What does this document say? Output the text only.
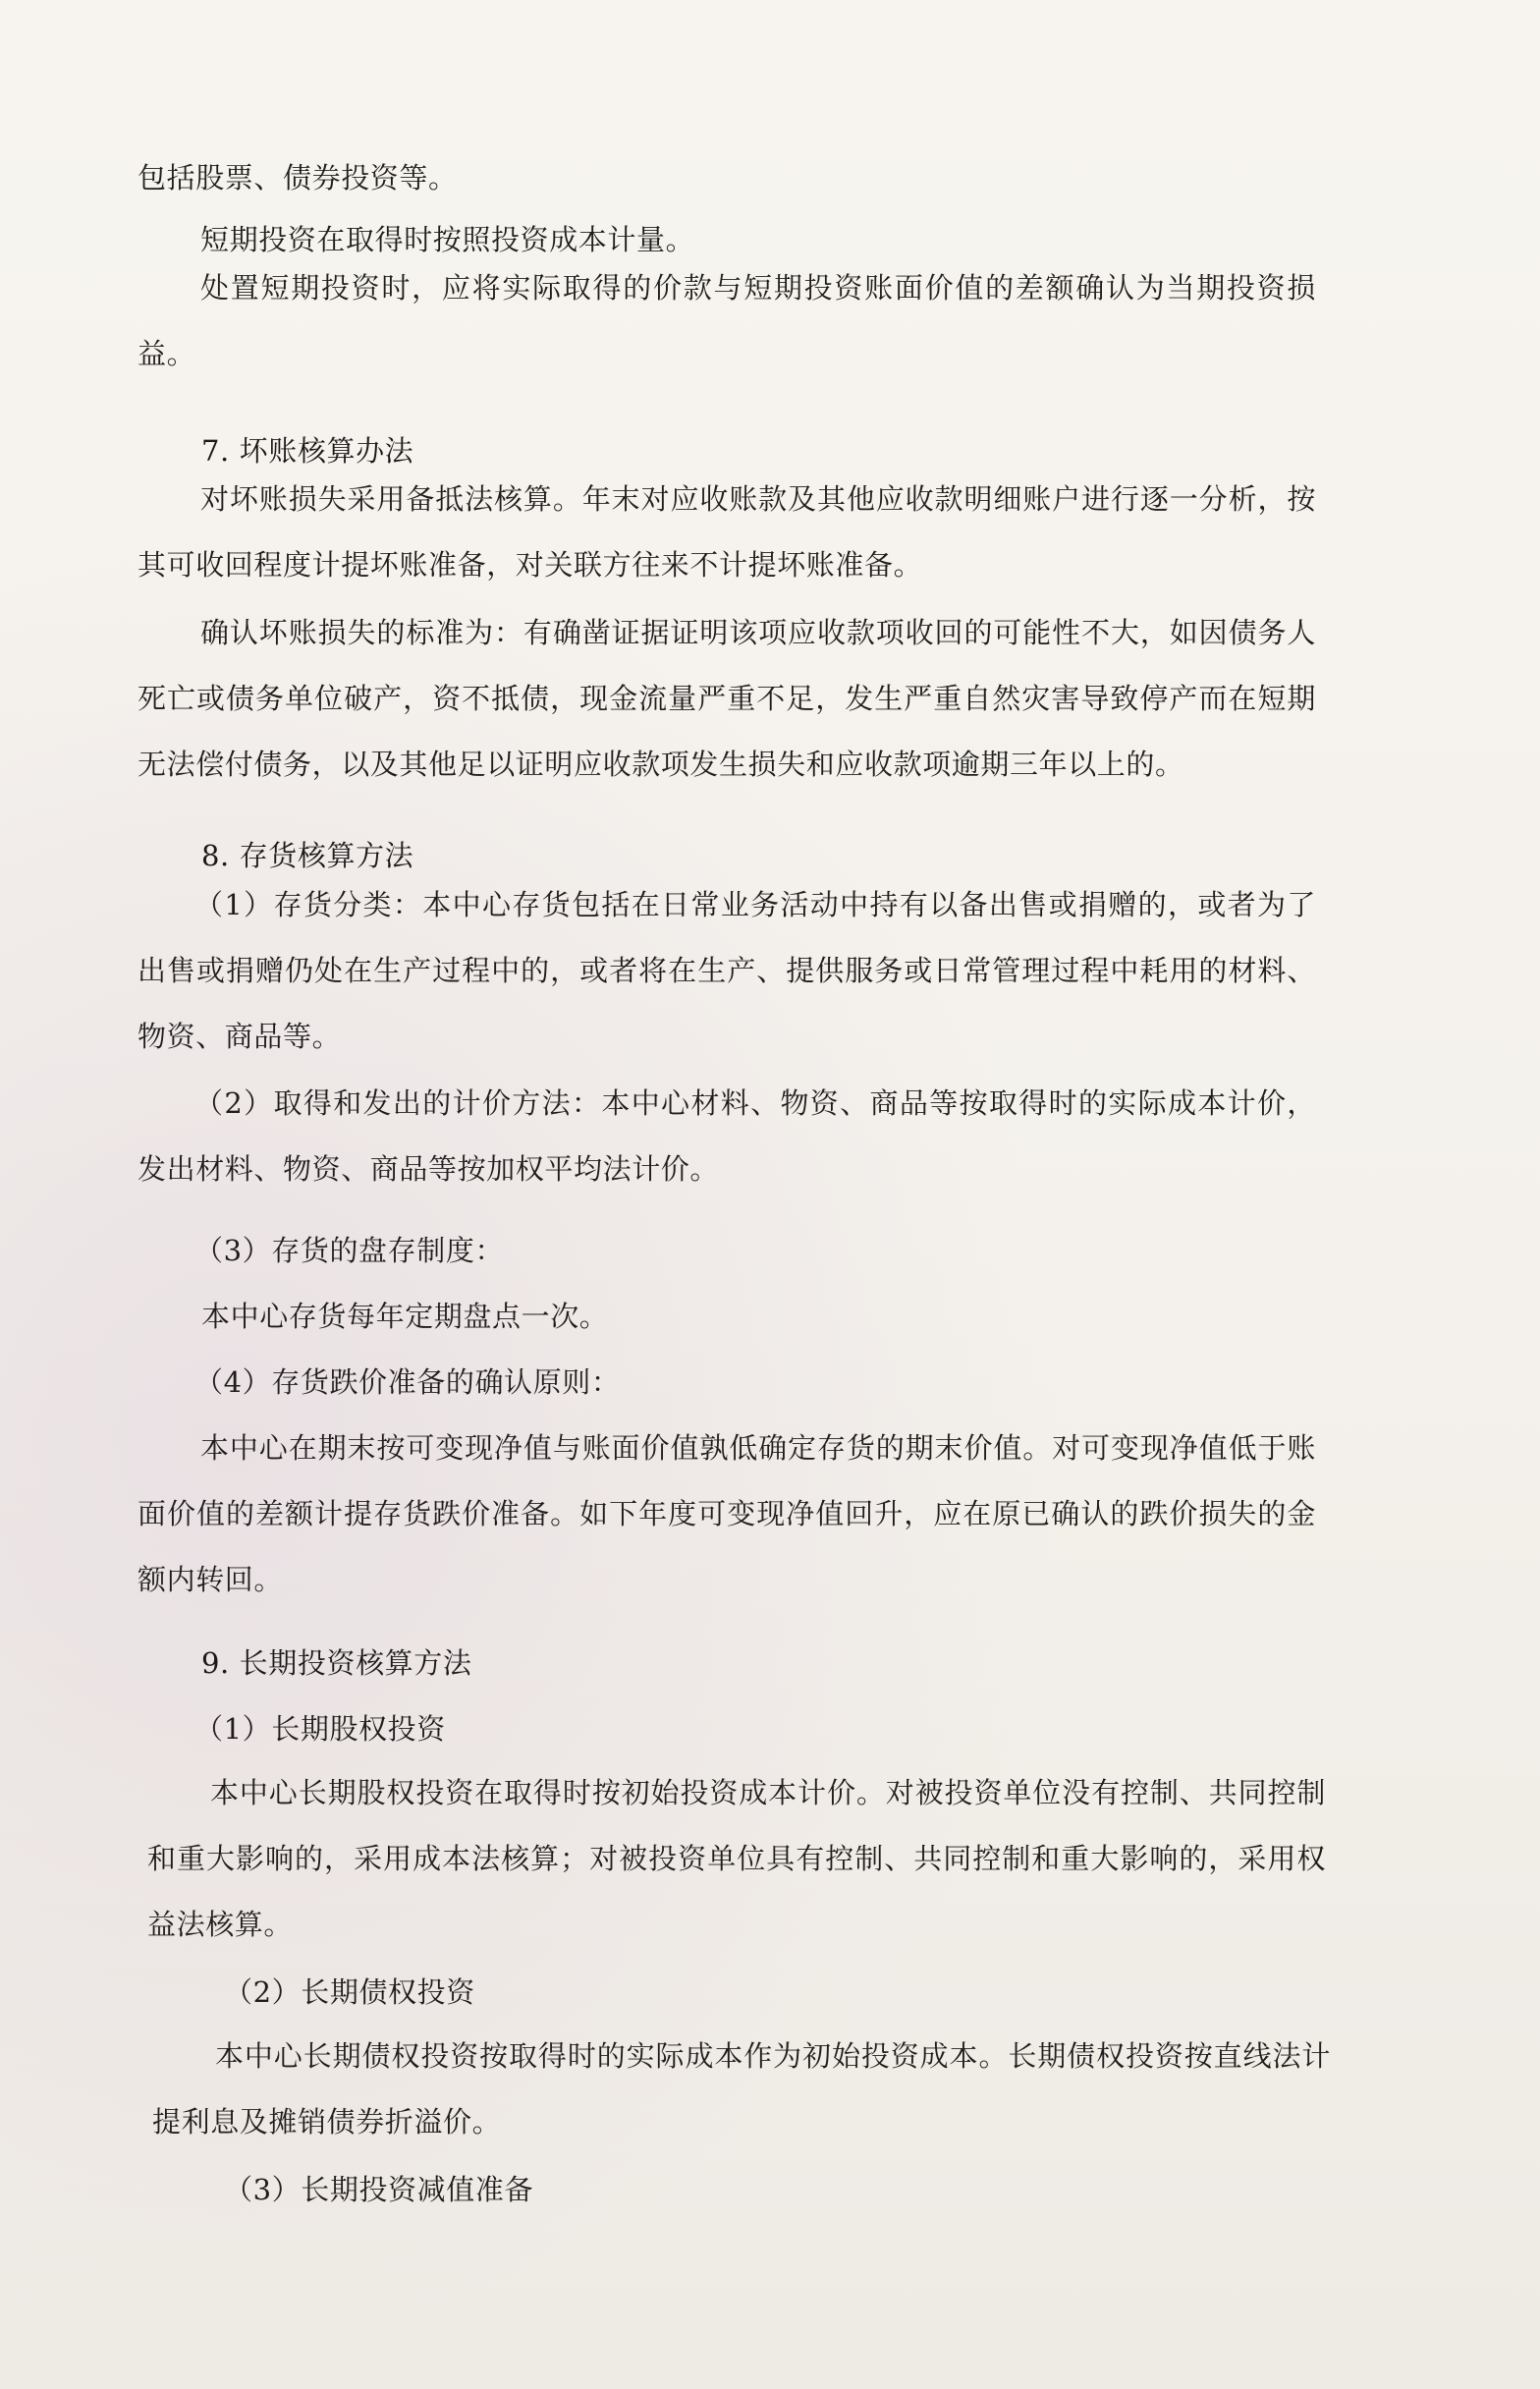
包括股票、债券投资等。

短期投资在取得时按照投资成本计量。

处置短期投资时，应将实际取得的价款与短期投资账面价值的差额确认为当期投资损益。

7. 坏账核算办法

对坏账损失采用备抵法核算。年末对应收账款及其他应收款明细账户进行逐一分析，按其可收回程度计提坏账准备，对关联方往来不计提坏账准备。

确认坏账损失的标准为：有确凿证据证明该项应收款项收回的可能性不大，如因债务人死亡或债务单位破产，资不抵债，现金流量严重不足，发生严重自然灾害导致停产而在短期无法偿付债务，以及其他足以证明应收款项发生损失和应收款项逾期三年以上的。

8. 存货核算方法

（1）存货分类：本中心存货包括在日常业务活动中持有以备出售或捐赠的，或者为了出售或捐赠仍处在生产过程中的，或者将在生产、提供服务或日常管理过程中耗用的材料、物资、商品等。

（2）取得和发出的计价方法：本中心材料、物资、商品等按取得时的实际成本计价，发出材料、物资、商品等按加权平均法计价。

（3）存货的盘存制度：

本中心存货每年定期盘点一次。

（4）存货跌价准备的确认原则：

本中心在期末按可变现净值与账面价值孰低确定存货的期末价值。对可变现净值低于账面价值的差额计提存货跌价准备。如下年度可变现净值回升，应在原已确认的跌价损失的金额内转回。

9. 长期投资核算方法

（1）长期股权投资

本中心长期股权投资在取得时按初始投资成本计价。对被投资单位没有控制、共同控制和重大影响的，采用成本法核算；对被投资单位具有控制、共同控制和重大影响的，采用权益法核算。

（2）长期债权投资

本中心长期债权投资按取得时的实际成本作为初始投资成本。长期债权投资按直线法计提利息及摊销债券折溢价。

（3）长期投资减值准备
